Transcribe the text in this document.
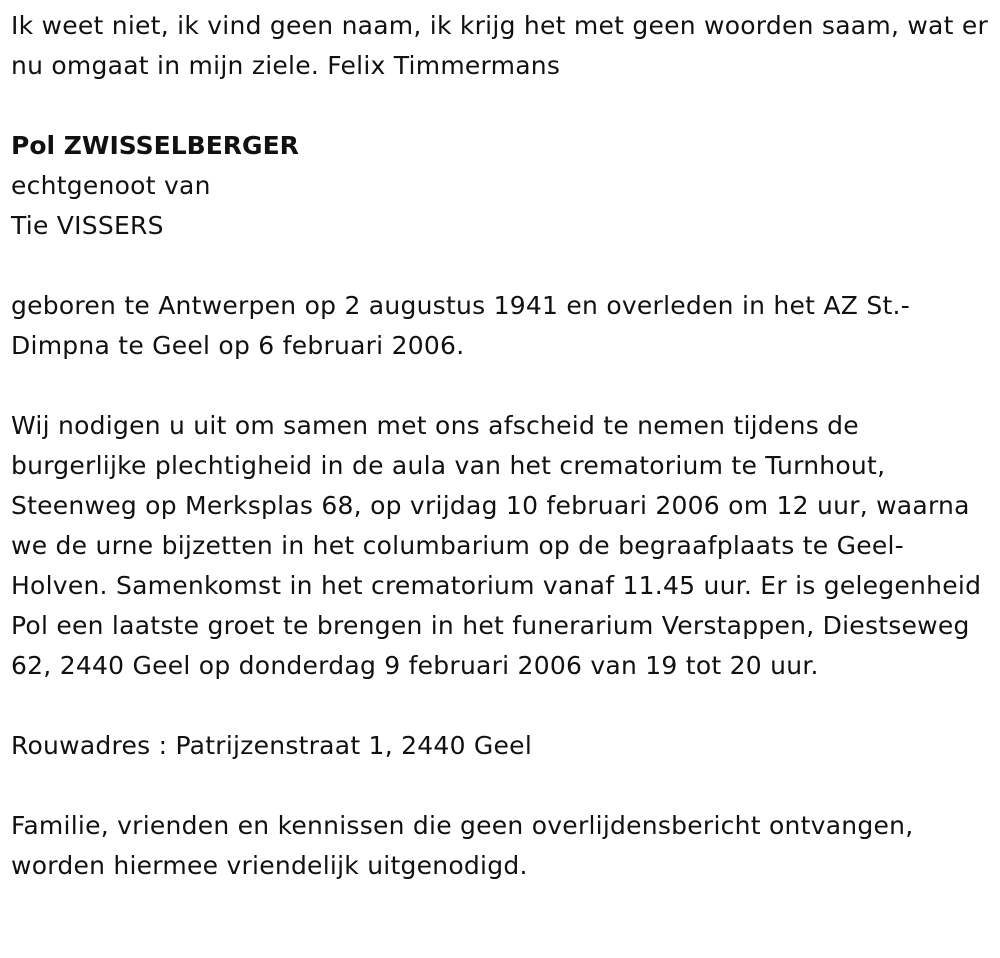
Ik weet niet, ik vind geen naam, ik krijg het met geen woorden saam, wat er nu omgaat in mijn ziele. Felix Timmermans

Pol ZWISSELBERGER

echtgenoot van

Tie VISSERS

geboren te Antwerpen op 2 augustus 1941 en overleden in het AZ St.-Dimpna te Geel op 6 februari 2006.

Wij nodigen u uit om samen met ons afscheid te nemen tijdens de burgerlijke plechtigheid in de aula van het crematorium te Turnhout, Steenweg op Merksplas 68, op vrijdag 10 februari 2006 om 12 uur, waarna we de urne bijzetten in het columbarium op de begraafplaats te Geel-Holven. Samenkomst in het crematorium vanaf 11.45 uur. Er is gelegenheid Pol een laatste groet te brengen in het funerarium Verstappen, Diestseweg 62, 2440 Geel op donderdag 9 februari 2006 van 19 tot 20 uur.

Rouwadres : Patrijzenstraat 1, 2440 Geel

Familie, vrienden en kennissen die geen overlijdensbericht ontvangen, worden hiermee vriendelijk uitgenodigd.
